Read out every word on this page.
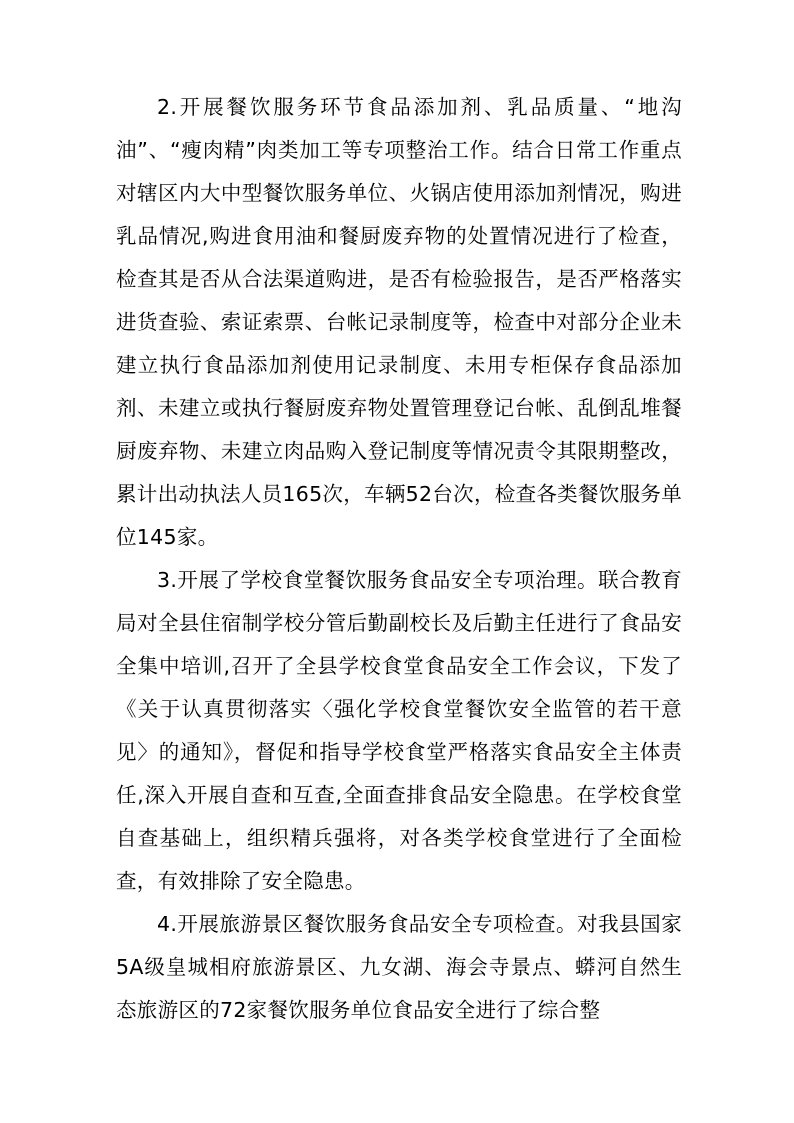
2.开展餐饮服务环节食品添加剂、乳品质量、“地沟油”、“瘦肉精”肉类加工等专项整治工作。结合日常工作重点对辖区内大中型餐饮服务单位、火锅店使用添加剂情况，购进乳品情况,购进食用油和餐厨废弃物的处置情况进行了检查，检查其是否从合法渠道购进，是否有检验报告，是否严格落实进货查验、索证索票、台帐记录制度等，检查中对部分企业未建立执行食品添加剂使用记录制度、未用专柜保存食品添加剂、未建立或执行餐厨废弃物处置管理登记台帐、乱倒乱堆餐厨废弃物、未建立肉品购入登记制度等情况责令其限期整改，累计出动执法人员165次，车辆52台次，检查各类餐饮服务单位145家。

3.开展了学校食堂餐饮服务食品安全专项治理。联合教育局对全县住宿制学校分管后勤副校长及后勤主任进行了食品安全集中培训,召开了全县学校食堂食品安全工作会议，下发了《关于认真贯彻落实〈强化学校食堂餐饮安全监管的若干意见〉的通知》，督促和指导学校食堂严格落实食品安全主体责任,深入开展自查和互查,全面查排食品安全隐患。在学校食堂自查基础上，组织精兵强将，对各类学校食堂进行了全面检查，有效排除了安全隐患。

4.开展旅游景区餐饮服务食品安全专项检查。对我县国家5A级皇城相府旅游景区、九女湖、海会寺景点、蟒河自然生态旅游区的72家餐饮服务单位食品安全进行了综合整
